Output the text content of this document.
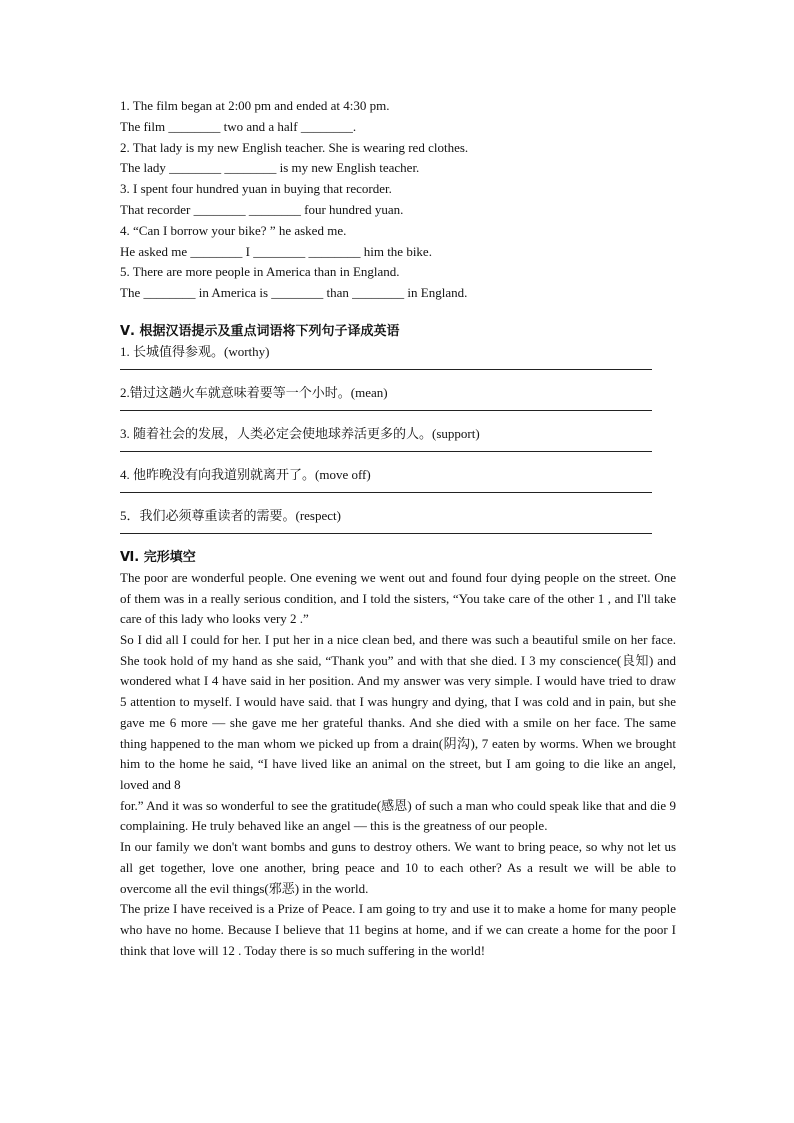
1. The film began at 2:00 pm and ended at 4:30 pm.
The film ________ two and a half ________.
2. That lady is my new English teacher. She is wearing red clothes.
The lady ________ ________ is my new English teacher.
3. I spent four hundred yuan in buying that recorder.
That recorder ________ ________ four hundred yuan.
4. “Can I borrow your bike? ” he asked me.
He asked me ________ I ________ ________ him the bike.
5. There are more people in America than in England.
The ________ in America is ________ than ________ in England.
Ⅴ. 根据汉语提示及重点词语将下列句子译成英语
1. 长城值得参观。(worthy)
2.错过这趟火车就意味着要等一个小时。(mean)
3. 随着社会的发展，人类必定会使地球养活更多的人。(support)
4. 他昨晚没有向我道别就离开了。(move off)
5．我们必须尊重读者的需要。(respect)
Ⅵ. 完形填空
The poor are wonderful people. One evening we went out and found four dying people on the street. One of them was in a really serious condition, and I told the sisters, “You take care of the other 1 , and I'll take care of this lady who looks very 2 .”
So I did all I could for her. I put her in a nice clean bed, and there was such a beautiful smile on her face. She took hold of my hand as she said, “Thank you” and with that she died. I 3 my conscience(良知) and wondered what I 4 have said in her position. And my answer was very simple. I would have tried to draw 5 attention to myself. I would have said. that I was hungry and dying, that I was cold and in pain, but she gave me 6 more — she gave me her grateful thanks. And she died with a smile on her face. The same thing happened to the man whom we picked up from a drain(阴沟), 7 eaten by worms. When we brought him to the home he said, “I have lived like an animal on the street, but I am going to die like an angel, loved and 8
for.” And it was so wonderful to see the gratitude(感恩) of such a man who could speak like that and die 9 complaining. He truly behaved like an angel — this is the greatness of our people.
In our family we don't want bombs and guns to destroy others. We want to bring peace, so why not let us all get together, love one another, bring peace and 10 to each other? As a result we will be able to overcome all the evil things(邪恶) in the world.
The prize I have received is a Prize of Peace. I am going to try and use it to make a home for many people who have no home. Because I believe that 11 begins at home, and if we can create a home for the poor I think that love will 12 . Today there is so much suffering in the world!
